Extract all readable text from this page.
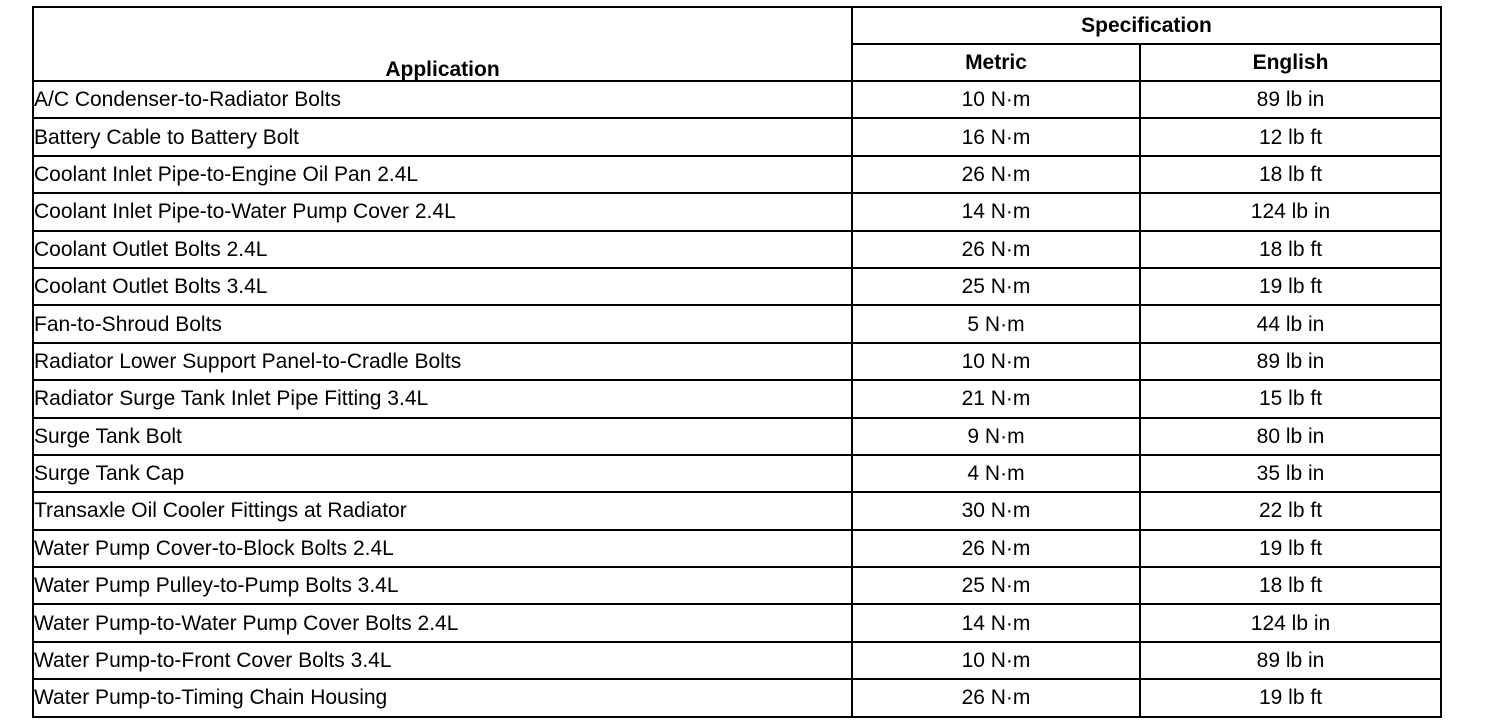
Application	Specification	
	Metric	English
A/C Condenser-to-Radiator Bolts	10 N·m	89 lb in
Battery Cable to Battery Bolt	16 N·m	12 lb ft
Coolant Inlet Pipe-to-Engine Oil Pan 2.4L	26 N·m	18 lb ft
Coolant Inlet Pipe-to-Water Pump Cover 2.4L	14 N·m	124 lb in
Coolant Outlet Bolts 2.4L	26 N·m	18 lb ft
Coolant Outlet Bolts 3.4L	25 N·m	19 lb ft
Fan-to-Shroud Bolts	5 N·m	44 lb in
Radiator Lower Support Panel-to-Cradle Bolts	10 N·m	89 lb in
Radiator Surge Tank Inlet Pipe Fitting 3.4L	21 N·m	15 lb ft
Surge Tank Bolt	9 N·m	80 lb in
Surge Tank Cap	4 N·m	35 lb in
Transaxle Oil Cooler Fittings at Radiator	30 N·m	22 lb ft
Water Pump Cover-to-Block Bolts 2.4L	26 N·m	19 lb ft
Water Pump Pulley-to-Pump Bolts 3.4L	25 N·m	18 lb ft
Water Pump-to-Water Pump Cover Bolts 2.4L	14 N·m	124 lb in
Water Pump-to-Front Cover Bolts 3.4L	10 N·m	89 lb in
Water Pump-to-Timing Chain Housing	26 N·m	19 lb ft
